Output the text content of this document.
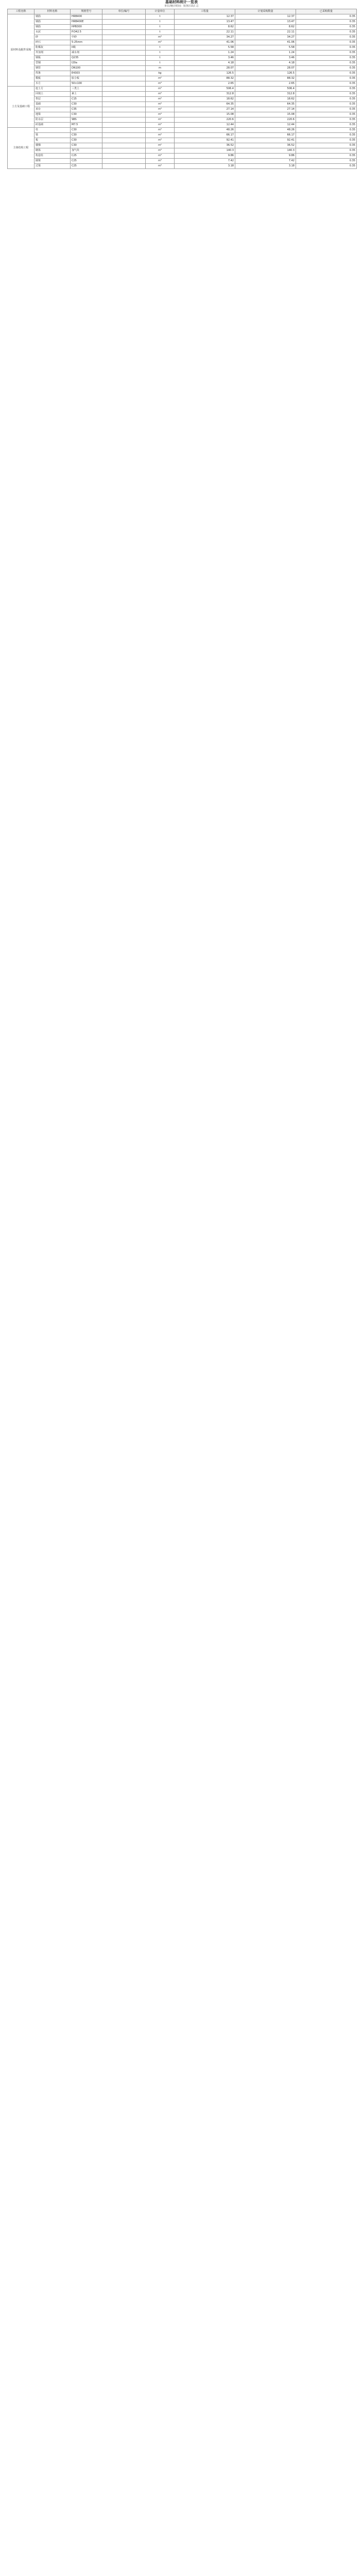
基础材料统计一览表
单位/统计时间：按各区段汇总
工程名称	材料名称	规格型号	单位/编号	计量单位	工程量	计划采购数量	已采购数量
原材料及配件采购	钢筋	HRB400		t	12.37	12.37	0.35
	钢筋	HRB400E		t	13.47	13.47	0.35
	钢筋	HPB300		t	8.62	8.62	0.35
	水泥	P.O42.5		t	22.11	22.11	0.35
	砂	中砂		m³	34.27	34.27	0.35
	碎石	5-25mm		m³	41.06	41.06	0.35
	粉煤灰	II级		t	5.58	5.58	0.35
	外加剂	减水剂		t	1.24	1.24	0.35
	钢板	Q235		t	3.46	3.46	0.35
	型钢	I20a		t	4.18	4.18	0.35
	钢管	DN100		m	28.07	28.07	0.35
	焊条	E4303		kg	126.5	126.5	0.35
	模板	胶合板		m²	88.32	88.32	0.35
	木方	50×100		m³	2.65	2.65	0.35
土方及基础工程	挖土方	三类土		m³	506.4	506.4	0.35
	回填土	素土		m³	312.8	312.8	0.35
	垫层	C15		m³	18.62	18.62	0.35
	基础	C30		m³	64.35	64.35	0.35
	承台	C35		m³	27.14	27.14	0.35
	地梁	C30		m³	15.08	15.08	0.35
	防水层	SBS		m²	220.6	220.6	0.35
	砖基础	M7.5		m³	12.44	12.44	0.35
主体结构工程	柱	C30		m³	48.26	48.26	0.35
	梁	C30		m³	66.17	66.17	0.35
	板	C30		m³	92.41	92.41	0.35
	楼梯	C30		m²	36.52	36.52	0.35
	砌体	加气块		m³	140.3	140.3	0.35
	构造柱	C25		m³	9.86	9.86	0.35
	圈梁	C25		m³	7.42	7.42	0.35
	过梁	C25		m³	3.18	3.18	0.35
